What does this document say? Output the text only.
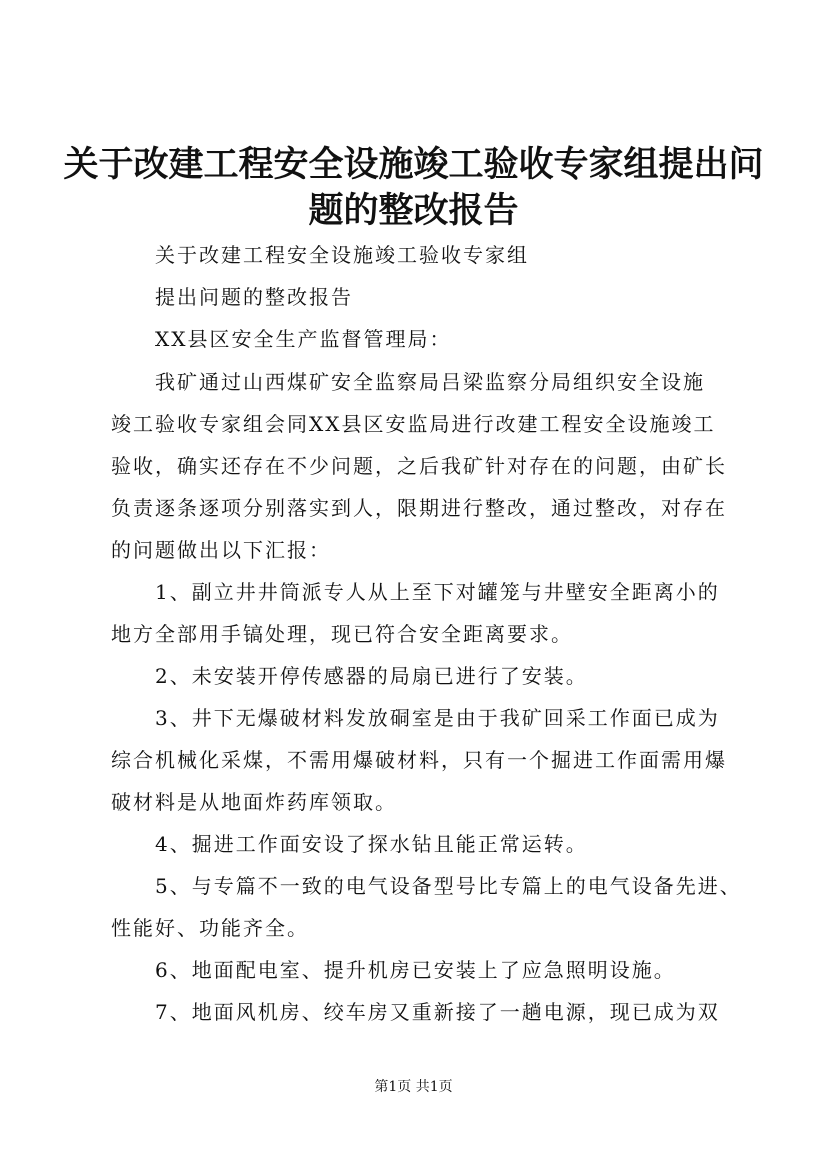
关于改建工程安全设施竣工验收专家组提出问
题的整改报告
　　关于改建工程安全设施竣工验收专家组
　　提出问题的整改报告
　　XX县区安全生产监督管理局：
　　我矿通过山西煤矿安全监察局吕梁监察分局组织安全设施
竣工验收专家组会同XX县区安监局进行改建工程安全设施竣工
验收，确实还存在不少问题，之后我矿针对存在的问题，由矿长
负责逐条逐项分别落实到人，限期进行整改，通过整改，对存在
的问题做出以下汇报：
　　1、副立井井筒派专人从上至下对罐笼与井壁安全距离小的
地方全部用手镐处理，现已符合安全距离要求。
　　2、未安装开停传感器的局扇已进行了安装。
　　3、井下无爆破材料发放硐室是由于我矿回采工作面已成为
综合机械化采煤，不需用爆破材料，只有一个掘进工作面需用爆
破材料是从地面炸药库领取。
　　4、掘进工作面安设了探水钻且能正常运转。
　　5、与专篇不一致的电气设备型号比专篇上的电气设备先进、
性能好、功能齐全。
　　6、地面配电室、提升机房已安装上了应急照明设施。
　　7、地面风机房、绞车房又重新接了一趟电源，现已成为双
第1页 共1页
